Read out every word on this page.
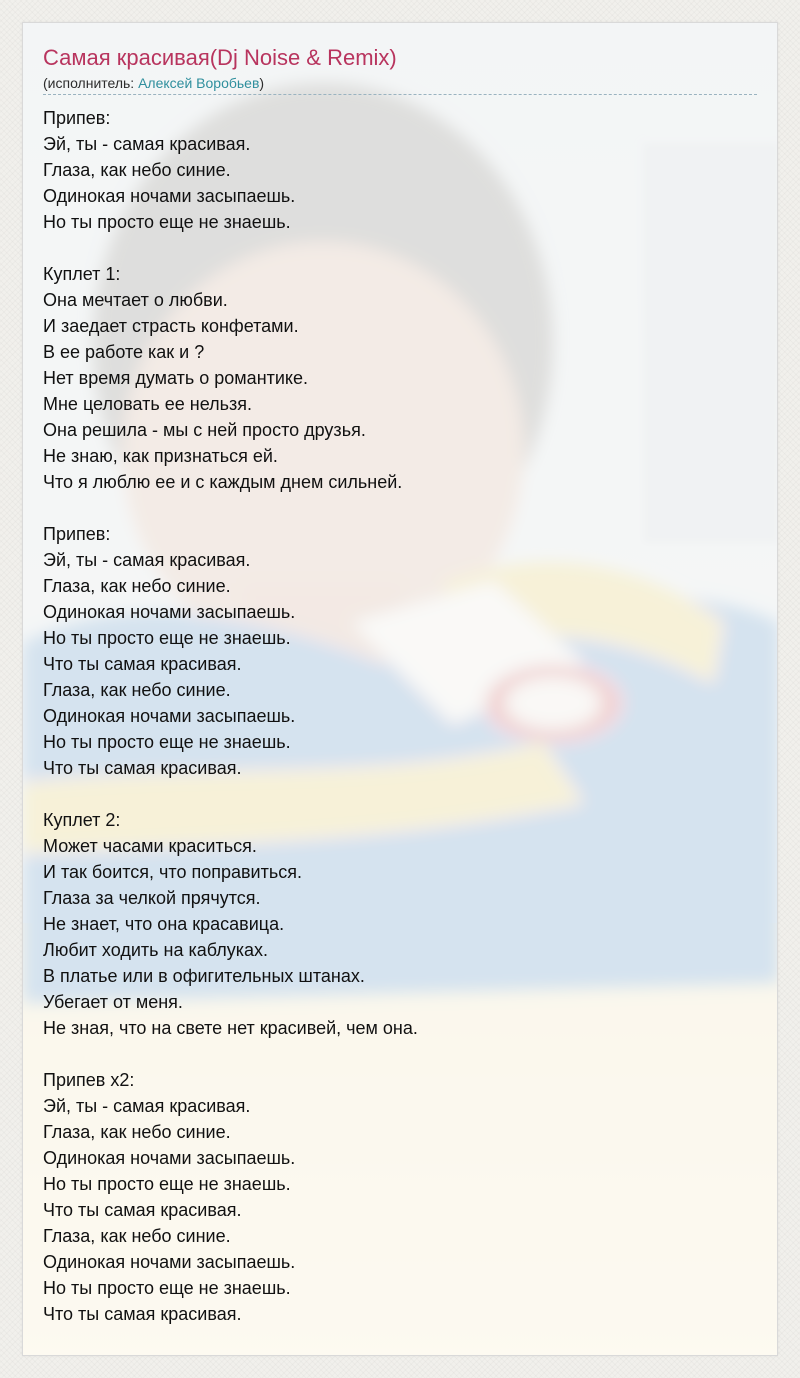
Самая красивая(Dj Noise & Remix)
(исполнитель: Алексей Воробьев)
Припев:
Эй, ты - самая красивая.
Глаза, как небо синие.
Одинокая ночами засыпаешь.
Но ты просто еще не знаешь.
Куплет 1:
Она мечтает о любви.
И заедает страсть конфетами.
В ее работе как и ?
Нет время думать о романтике.
Мне целовать ее нельзя.
Она решила - мы с ней просто друзья.
Не знаю, как признаться ей.
Что я люблю ее и с каждым днем сильней.
Припев:
Эй, ты - самая красивая.
Глаза, как небо синие.
Одинокая ночами засыпаешь.
Но ты просто еще не знаешь.
Что ты самая красивая.
Глаза, как небо синие.
Одинокая ночами засыпаешь.
Но ты просто еще не знаешь.
Что ты самая красивая.
Куплет 2:
Может часами краситься.
И так боится, что поправиться.
Глаза за челкой прячутся.
Не знает, что она красавица.
Любит ходить на каблуках.
В платье или в офигительных штанах.
Убегает от меня.
Не зная, что на свете нет красивей, чем она.
Припев x2:
Эй, ты - самая красивая.
Глаза, как небо синие.
Одинокая ночами засыпаешь.
Но ты просто еще не знаешь.
Что ты самая красивая.
Глаза, как небо синие.
Одинокая ночами засыпаешь.
Но ты просто еще не знаешь.
Что ты самая красивая.
